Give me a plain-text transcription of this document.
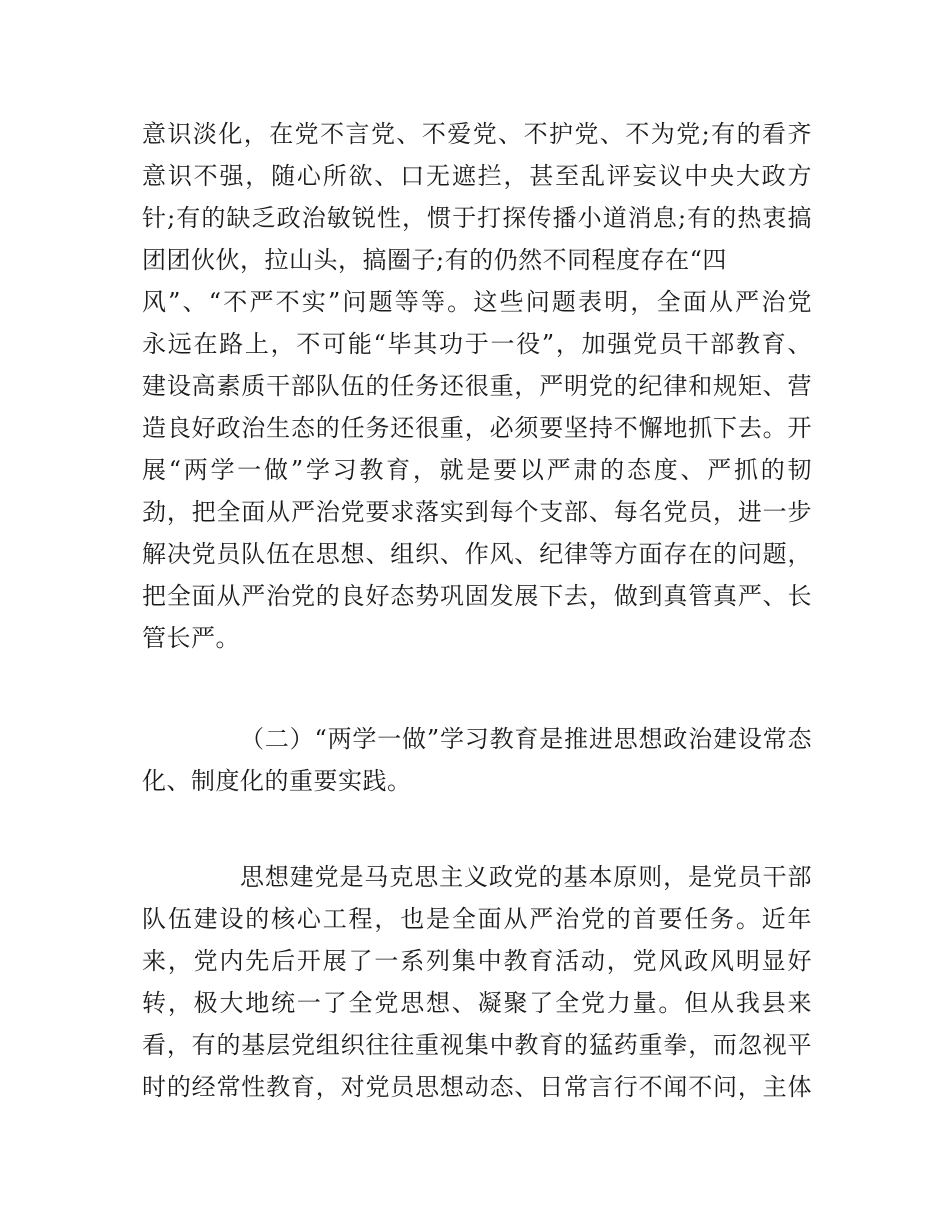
意识淡化，在党不言党、不爱党、不护党、不为党;有的看齐
意识不强，随心所欲、口无遮拦，甚至乱评妄议中央大政方
针;有的缺乏政治敏锐性，惯于打探传播小道消息;有的热衷搞
团团伙伙，拉山头，搞圈子;有的仍然不同程度存在“四
风”、“不严不实”问题等等。这些问题表明，全面从严治党
永远在路上，不可能“毕其功于一役”，加强党员干部教育、
建设高素质干部队伍的任务还很重，严明党的纪律和规矩、营
造良好政治生态的任务还很重，必须要坚持不懈地抓下去。开
展“两学一做”学习教育，就是要以严肃的态度、严抓的韧
劲，把全面从严治党要求落实到每个支部、每名党员，进一步
解决党员队伍在思想、组织、作风、纪律等方面存在的问题，
把全面从严治党的良好态势巩固发展下去，做到真管真严、长
管长严。
（二）“两学一做”学习教育是推进思想政治建设常态
化、制度化的重要实践。
思想建党是马克思主义政党的基本原则，是党员干部
队伍建设的核心工程，也是全面从严治党的首要任务。近年
来，党内先后开展了一系列集中教育活动，党风政风明显好
转，极大地统一了全党思想、凝聚了全党力量。但从我县来
看，有的基层党组织往往重视集中教育的猛药重拳，而忽视平
时的经常性教育，对党员思想动态、日常言行不闻不问，主体
